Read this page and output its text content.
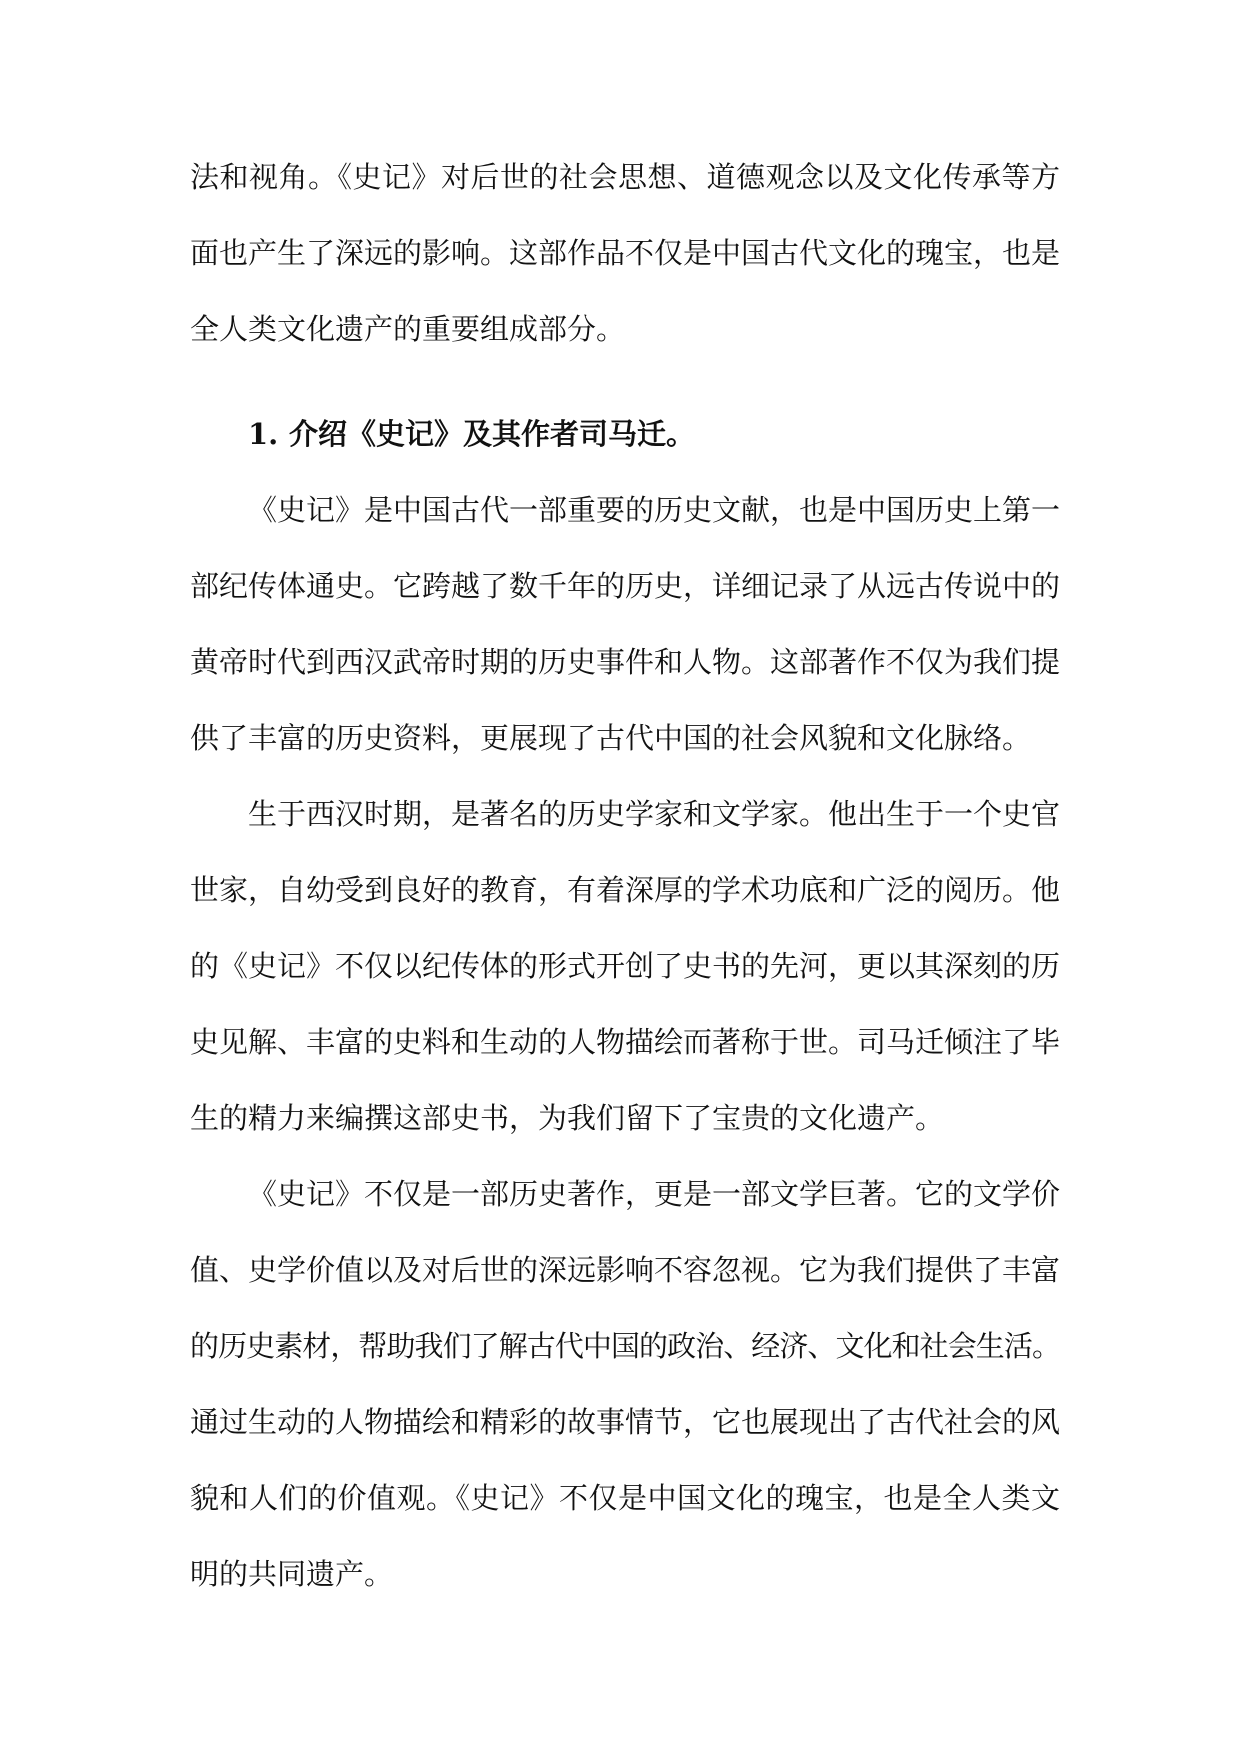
法和视角。《史记》对后世的社会思想、道德观念以及文化传承等方
面也产生了深远的影响。这部作品不仅是中国古代文化的瑰宝，也是
全人类文化遗产的重要组成部分。
1. 介绍《史记》及其作者司马迁。
《史记》是中国古代一部重要的历史文献，也是中国历史上第一
部纪传体通史。它跨越了数千年的历史，详细记录了从远古传说中的
黄帝时代到西汉武帝时期的历史事件和人物。这部著作不仅为我们提
供了丰富的历史资料，更展现了古代中国的社会风貌和文化脉络。
生于西汉时期，是著名的历史学家和文学家。他出生于一个史官
世家，自幼受到良好的教育，有着深厚的学术功底和广泛的阅历。他
的《史记》不仅以纪传体的形式开创了史书的先河，更以其深刻的历
史见解、丰富的史料和生动的人物描绘而著称于世。司马迁倾注了毕
生的精力来编撰这部史书，为我们留下了宝贵的文化遗产。
《史记》不仅是一部历史著作，更是一部文学巨著。它的文学价
值、史学价值以及对后世的深远影响不容忽视。它为我们提供了丰富
的历史素材，帮助我们了解古代中国的政治、经济、文化和社会生活。
通过生动的人物描绘和精彩的故事情节，它也展现出了古代社会的风
貌和人们的价值观。《史记》不仅是中国文化的瑰宝，也是全人类文
明的共同遗产。
